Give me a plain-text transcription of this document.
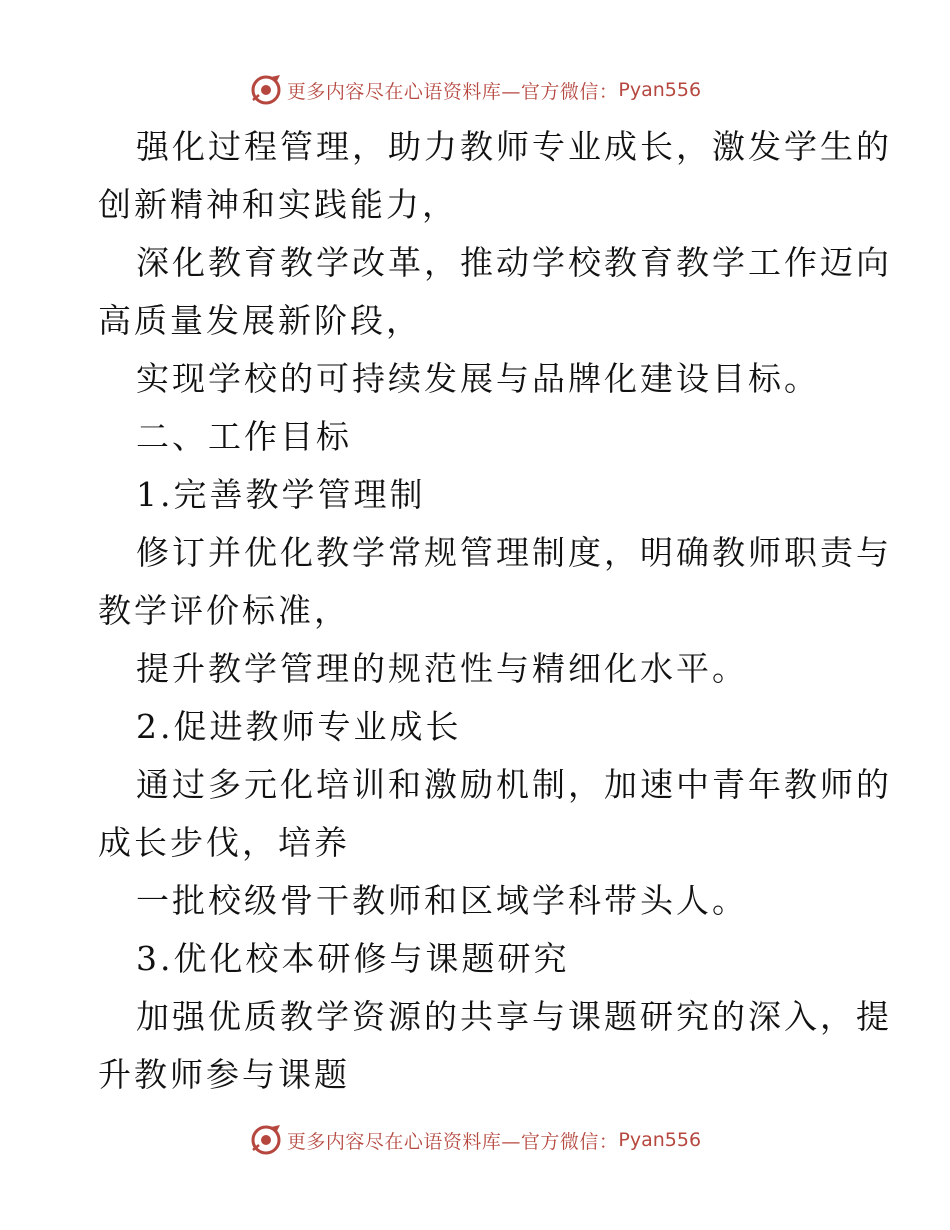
更多内容尽在心语资料库—官方微信： Pyan556
强化过程管理，助力教师专业成长，激发学生的
创新精神和实践能力，
深化教育教学改革，推动学校教育教学工作迈向
高质量发展新阶段，
实现学校的可持续发展与品牌化建设目标。
二、工作目标
1.完善教学管理制
修订并优化教学常规管理制度，明确教师职责与
教学评价标准，
提升教学管理的规范性与精细化水平。
2.促进教师专业成长
通过多元化培训和激励机制，加速中青年教师的
成长步伐，培养
一批校级骨干教师和区域学科带头人。
3.优化校本研修与课题研究
加强优质教学资源的共享与课题研究的深入，提
升教师参与课题
更多内容尽在心语资料库—官方微信： Pyan556
